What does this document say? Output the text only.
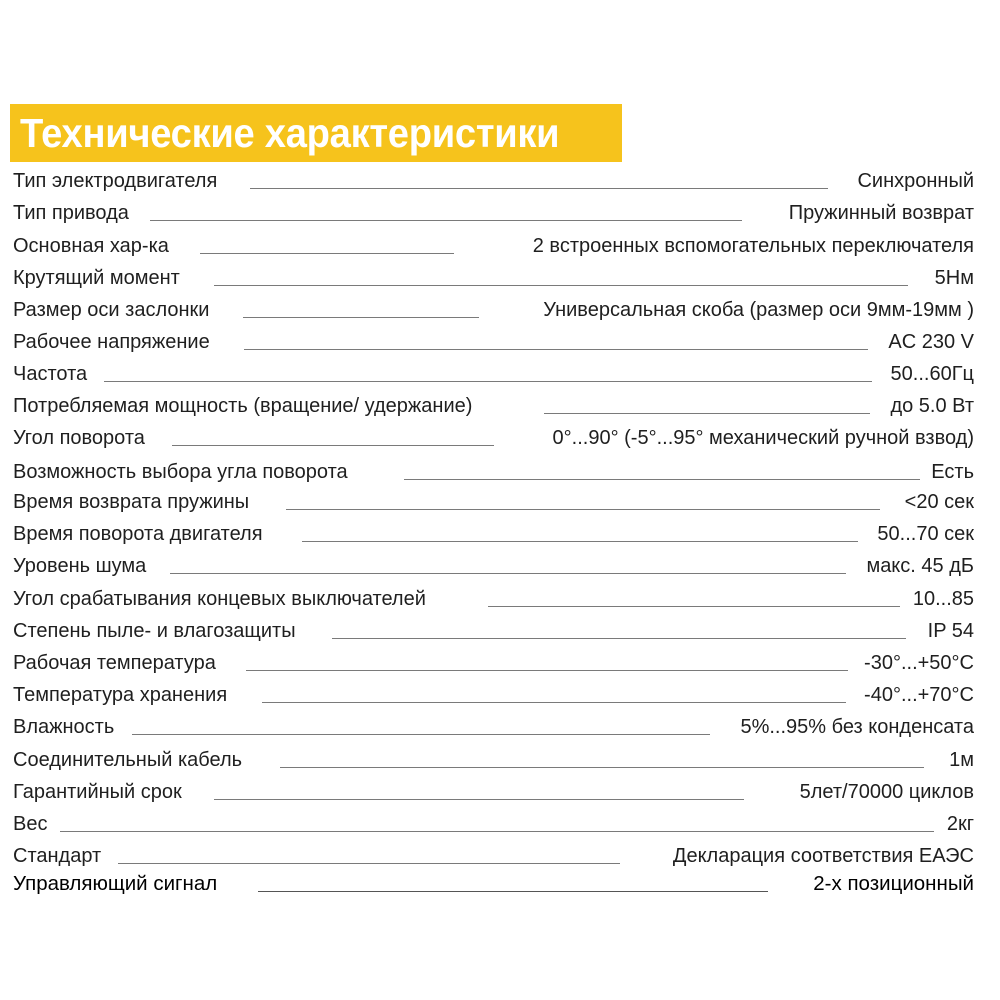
Технические характеристики
Тип электродвигателя	Синхронный
Тип привода	Пружинный возврат
Основная хар-ка	2 встроенных вспомогательных переключателя
Крутящий момент	5Нм
Размер оси заслонки	Универсальная скоба (размер оси 9мм-19мм )
Рабочее напряжение	AC 230 V
Частота	50...60Гц
Потребляемая мощность (вращение/ удержание)	до 5.0 Вт
Угол поворота	0°...90° (-5°...95° механический ручной взвод)
Возможность выбора угла поворота	Есть
Время возврата пружины	<20 сек
Время поворота двигателя	50...70 сек
Уровень шума	макс. 45 дБ
Угол срабатывания концевых выключателей	10...85
Степень пыле- и влагозащиты	IP 54
Рабочая температура	-30°...+50°C
Температура хранения	-40°...+70°C
Влажность	5%...95% без конденсата
Соединительный кабель	1м
Гарантийный срок	5лет/70000 циклов
Вес	2кг
Стандарт	Декларация соответствия ЕАЭС
Управляющий сигнал	2-х позиционный
